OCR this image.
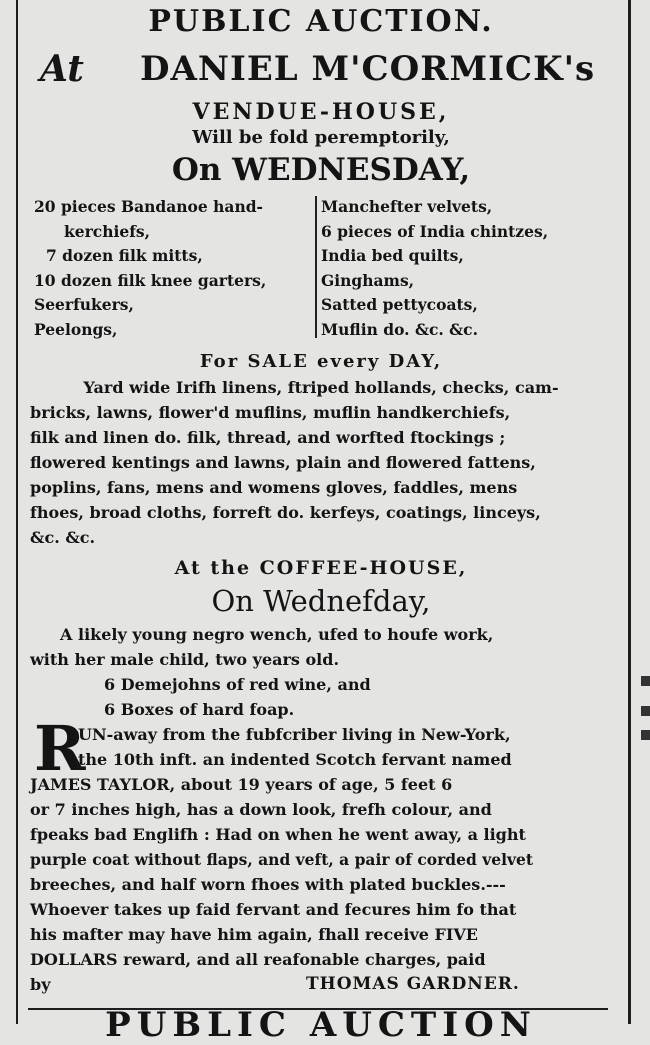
PUBLIC AUCTION.
At	DANIEL M'CORMICK's
VENDUE-HOUSE,
Will be fold peremptorily,
On WEDNESDAY,
20 pieces Bandanoe hand-
kerchiefs,
7 dozen filk mitts,
10 dozen filk knee garters,
Seerfukers,
Peelongs,
Manchefter velvets,
6 pieces of India chintzes,
India bed quilts,
Ginghams,
Satted pettycoats,
Muflin do. &c. &c.
For SALE every DAY,
Yard wide Irifh linens, ftriped hollands, checks, cam-
bricks, lawns, flower'd muflins, muflin handkerchiefs,
filk and linen do. filk, thread, and worfted ftockings ;
flowered kentings and lawns, plain and flowered fattens,
poplins, fans, mens and womens gloves, faddles, mens
fhoes, broad cloths, forreft do. kerfeys, coatings, linceys,
&c. &c.
At the COFFEE-HOUSE,
On Wednefday,
A likely young negro wench, ufed to houfe work,
with her male child, two years old.
6 Demejohns of red wine, and
6 Boxes of hard foap.
R
UN-away from the fubfcriber living in New-York,
the 10th inft. an indented Scotch fervant named
JAMES TAYLOR, about 19 years of age, 5 feet 6
or 7 inches high, has a down look, frefh colour, and
fpeaks bad Englifh : Had on when he went away, a light
purple coat without flaps, and veft, a pair of corded velvet
breeches, and half worn fhoes with plated buckles.---
Whoever takes up faid fervant and fecures him fo that
his mafter may have him again, fhall receive FIVE
DOLLARS reward, and all reafonable charges, paid
by	THOMAS GARDNER.
PUBLIC AUCTION
